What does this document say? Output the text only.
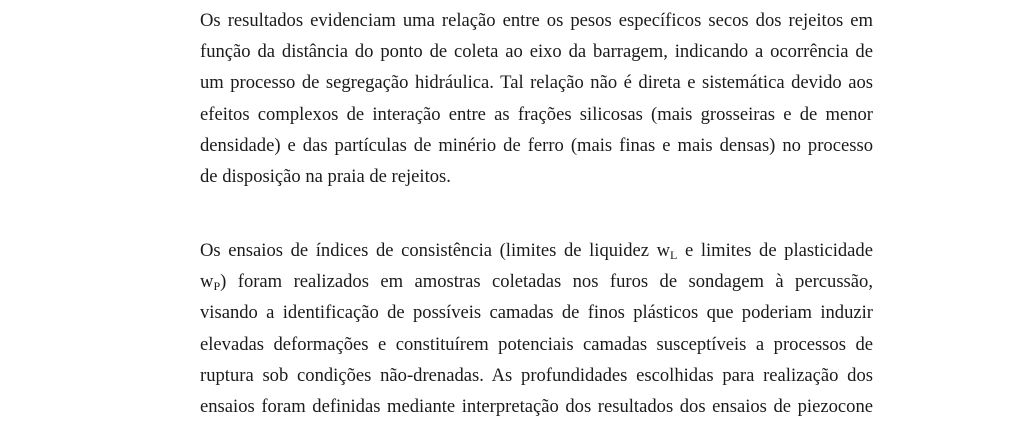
Os resultados evidenciam uma relação entre os pesos específicos secos dos rejeitos em
função da distância do ponto de coleta ao eixo da barragem, indicando a ocorrência de
um processo de segregação hidráulica. Tal relação não é direta e sistemática devido aos
efeitos complexos de interação entre as frações silicosas (mais grosseiras e de menor
densidade) e das partículas de minério de ferro (mais finas e mais densas) no processo
de disposição na praia de rejeitos.
Os ensaios de índices de consistência (limites de liquidez wL e limites de plasticidade
wP) foram realizados em amostras coletadas nos furos de sondagem à percussão,
visando a identificação de possíveis camadas de finos plásticos que poderiam induzir
elevadas deformações e constituírem potenciais camadas susceptíveis a processos de
ruptura sob condições não-drenadas. As profundidades escolhidas para realização dos
ensaios foram definidas mediante interpretação dos resultados dos ensaios de piezocone
